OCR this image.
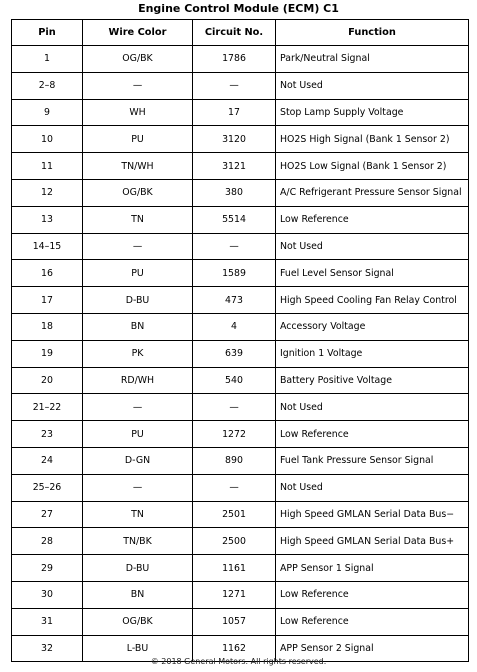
Engine Control Module (ECM) C1
Pin	Wire Color	Circuit No.	Function
1	OG/BK	1786	Park/Neutral Signal
2–8	—	—	Not Used
9	WH	17	Stop Lamp Supply Voltage
10	PU	3120	HO2S High Signal (Bank 1 Sensor 2)
11	TN/WH	3121	HO2S Low Signal (Bank 1 Sensor 2)
12	OG/BK	380	A/C Refrigerant Pressure Sensor Signal
13	TN	5514	Low Reference
14–15	—	—	Not Used
16	PU	1589	Fuel Level Sensor Signal
17	D-BU	473	High Speed Cooling Fan Relay Control
18	BN	4	Accessory Voltage
19	PK	639	Ignition 1 Voltage
20	RD/WH	540	Battery Positive Voltage
21–22	—	—	Not Used
23	PU	1272	Low Reference
24	D-GN	890	Fuel Tank Pressure Sensor Signal
25–26	—	—	Not Used
27	TN	2501	High Speed GMLAN Serial Data Bus−
28	TN/BK	2500	High Speed GMLAN Serial Data Bus+
29	D-BU	1161	APP Sensor 1 Signal
30	BN	1271	Low Reference
31	OG/BK	1057	Low Reference
32	L-BU	1162	APP Sensor 2 Signal
© 2018 General Motors. All rights reserved.
